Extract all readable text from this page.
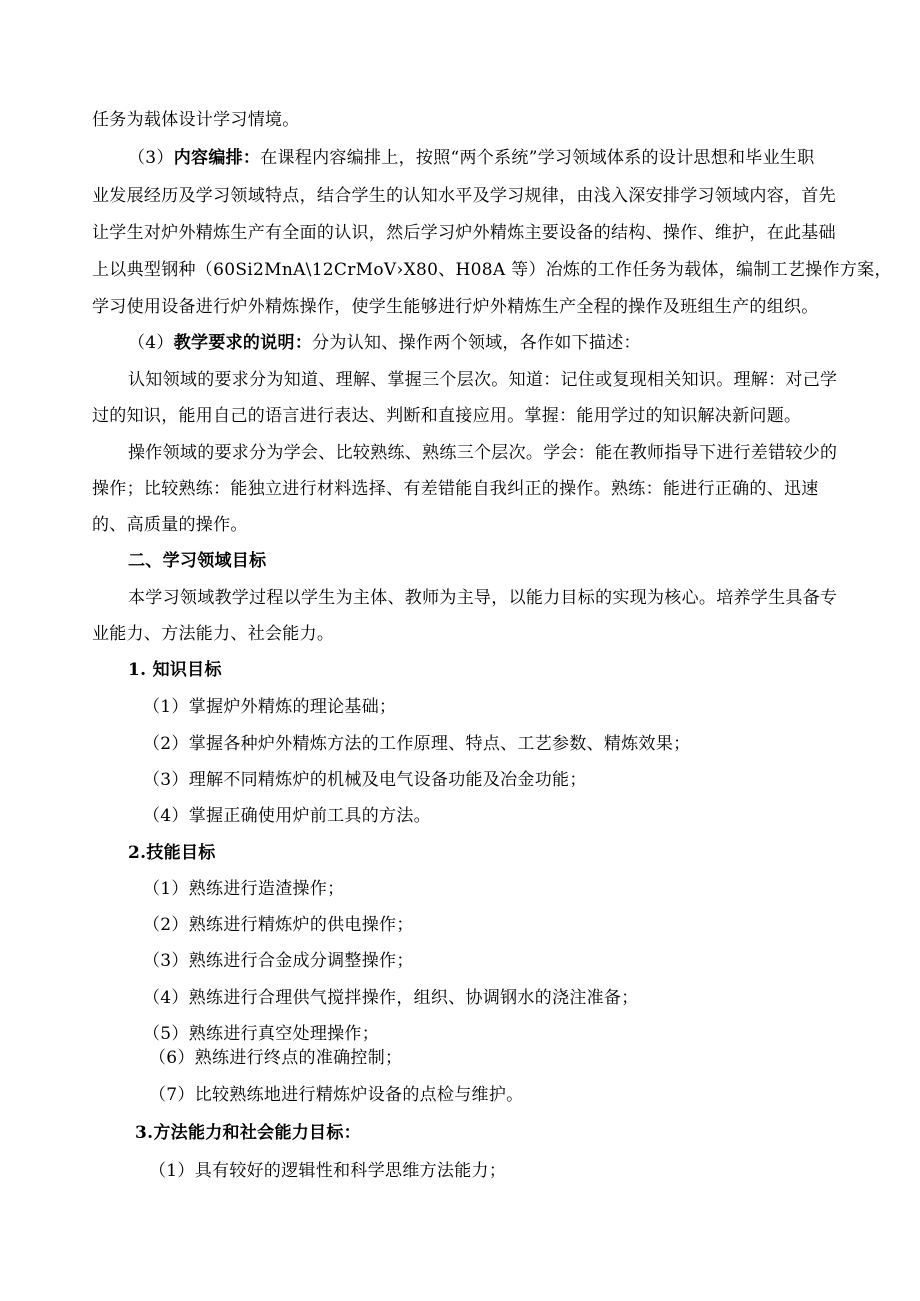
任务为载体设计学习情境。
（3）内容编排：在课程内容编排上，按照“两个系统”学习领域体系的设计思想和毕业生职
业发展经历及学习领域特点，结合学生的认知水平及学习规律，由浅入深安排学习领域内容，首先
让学生对炉外精炼生产有全面的认识，然后学习炉外精炼主要设备的结构、操作、维护，在此基础
上以典型钢种（60Si2MnA\12CrMoV›X80、H08A 等）冶炼的工作任务为载体，编制工艺操作方案，
学习使用设备进行炉外精炼操作，使学生能够进行炉外精炼生产全程的操作及班组生产的组织。
（4）教学要求的说明：分为认知、操作两个领域，各作如下描述：
认知领域的要求分为知道、理解、掌握三个层次。知道：记住或复现相关知识。理解：对己学
过的知识，能用自己的语言进行表达、判断和直接应用。掌握：能用学过的知识解决新问题。
操作领域的要求分为学会、比较熟练、熟练三个层次。学会：能在教师指导下进行差错较少的
操作；比较熟练：能独立进行材料选择、有差错能自我纠正的操作。熟练：能进行正确的、迅速
的、高质量的操作。
二、学习领域目标
本学习领域教学过程以学生为主体、教师为主导，以能力目标的实现为核心。培养学生具备专
业能力、方法能力、社会能力。
1. 知识目标
（1）掌握炉外精炼的理论基础；
（2）掌握各种炉外精炼方法的工作原理、特点、工艺参数、精炼效果；
（3）理解不同精炼炉的机械及电气设备功能及冶金功能；
（4）掌握正确使用炉前工具的方法。
2.技能目标
（1）熟练进行造渣操作；
（2）熟练进行精炼炉的供电操作；
（3）熟练进行合金成分调整操作；
（4）熟练进行合理供气搅拌操作，组织、协调钢水的浇注准备；
（5）熟练进行真空处理操作；
（6）熟练进行终点的准确控制；
（7）比较熟练地进行精炼炉设备的点检与维护。
3.方法能力和社会能力目标：
（1）具有较好的逻辑性和科学思维方法能力；
